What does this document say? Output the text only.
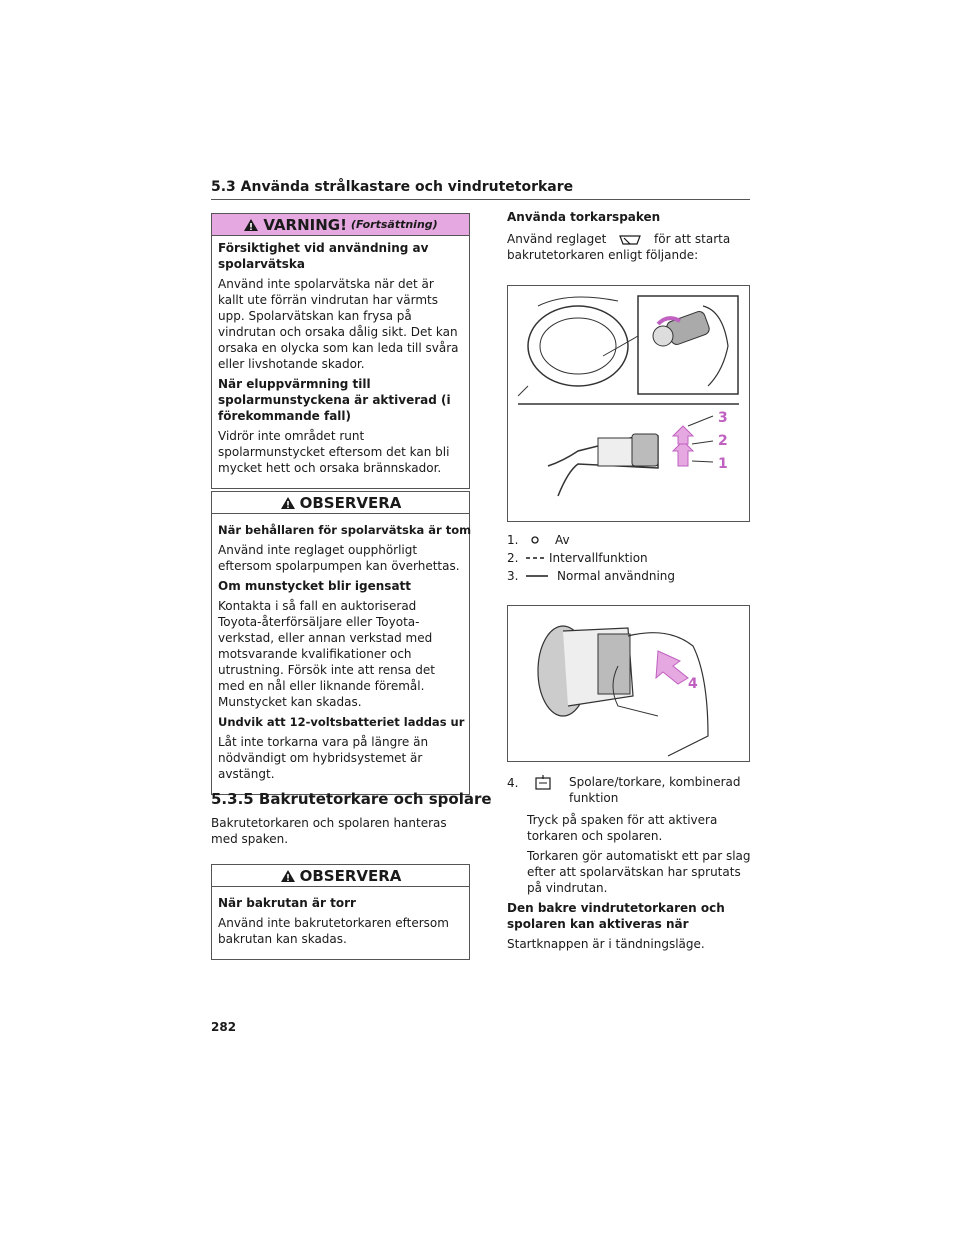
5.3 Använda strålkastare och vindrutetorkare
VARNING! (Fortsättning)
Försiktighet vid användning av spolarvätska
Använd inte spolarvätska när det är kallt ute förrän vindrutan har värmts upp. Spolarvätskan kan frysa på vindrutan och orsaka dålig sikt. Det kan orsaka en olycka som kan leda till svåra eller livshotande skador.
När eluppvärmning till spolarmunstyckena är aktiverad (i förekommande fall)
Vidrör inte området runt spolarmunstycket eftersom det kan bli mycket hett och orsaka brännskador.
OBSERVERA
När behållaren för spolarvätska är tom
Använd inte reglaget oupphörligt eftersom spolarpumpen kan överhettas.
Om munstycket blir igensatt
Kontakta i så fall en auktoriserad Toyota-återförsäljare eller Toyota-verkstad, eller annan verkstad med motsvarande kvalifikationer och utrustning. Försök inte att rensa det med en nål eller liknande föremål. Munstycket kan skadas.
Undvik att 12-voltsbatteriet laddas ur
Låt inte torkarna vara på längre än nödvändigt om hybridsystemet är avstängt.
5.3.5 Bakrutetorkare och spolare
Bakrutetorkaren och spolaren hanteras med spaken.
OBSERVERA
När bakrutan är torr
Använd inte bakrutetorkaren eftersom bakrutan kan skadas.
Använda torkarspaken
Använd reglaget	för att starta bakrutetorkaren enligt följande:
3
2
1
1.	Av
2.	Intervallfunktion
3.	Normal användning
4
4.	Spolare/torkare, kombinerad funktion
Tryck på spaken för att aktivera torkaren och spolaren.
Torkaren gör automatiskt ett par slag efter att spolarvätskan har sprutats på vindrutan.
Den bakre vindrutetorkaren och spolaren kan aktiveras när
Startknappen är i tändningsläge.
282
